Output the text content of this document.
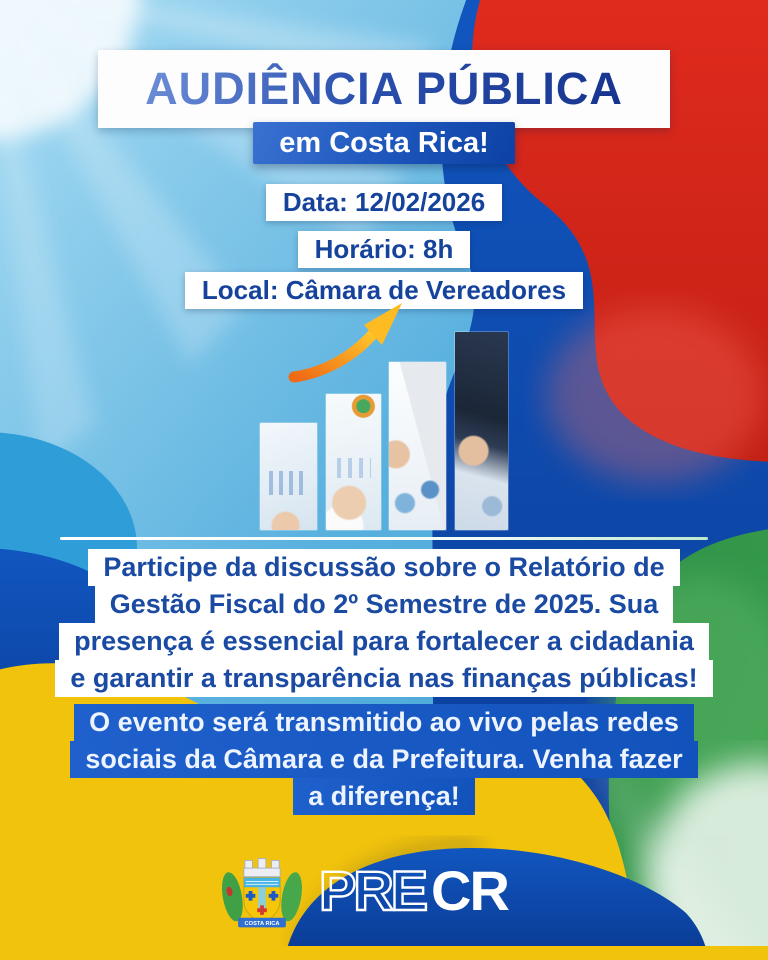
AUDIÊNCIA PÚBLICA
em Costa Rica!
Data: 12/02/2026
Horário: 8h
Local: Câmara de Vereadores
Participe da discussão sobre o Relatório de
Gestão Fiscal do 2º Semestre de 2025. Sua
presença é essencial para fortalecer a cidadania
e garantir a transparência nas finanças públicas!
O evento será transmitido ao vivo pelas redes
sociais da Câmara e da Prefeitura. Venha fazer
a diferença!
COSTA RICA
PRE CR
